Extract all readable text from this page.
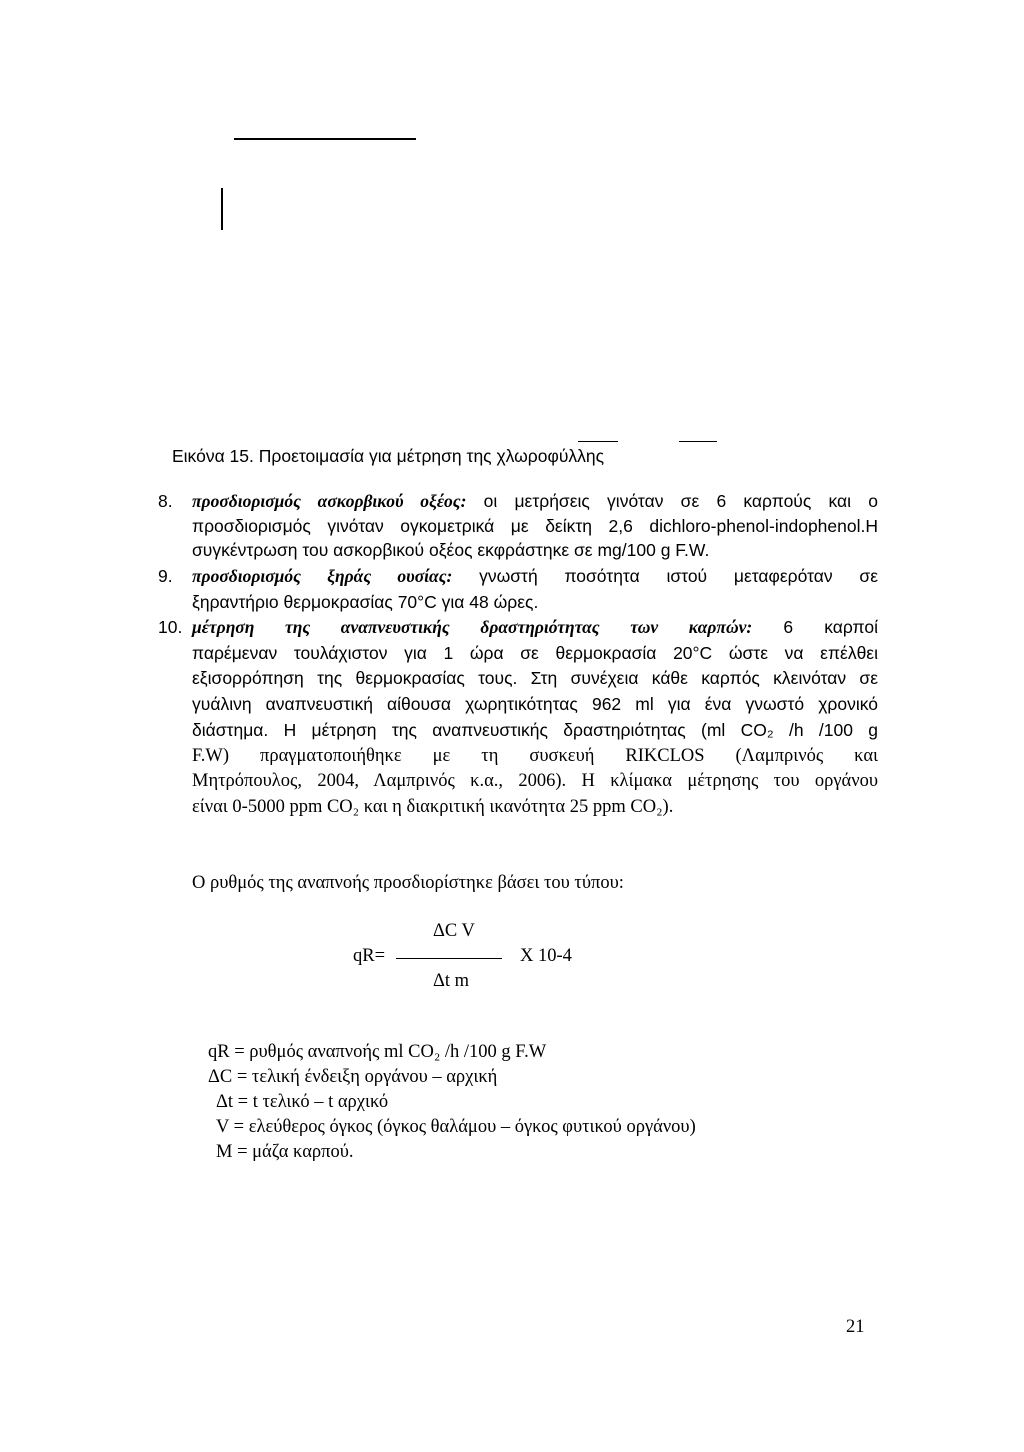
Εικόνα 15. Προετοιμασία για μέτρηση της χλωροφύλλης
8. προσδιορισμός ασκορβικού οξέος: οι μετρήσεις γινόταν σε 6 καρπούς και ο
προσδιορισμός γινόταν ογκομετρικά με δείκτη 2,6 dichloro-phenol-indophenol.Η
συγκέντρωση του ασκορβικού οξέος εκφράστηκε σε mg/100 g F.W.
9. προσδιορισμός ξηράς ουσίας: γνωστή ποσότητα ιστού μεταφερόταν σε
ξηραντήριο θερμοκρασίας 70°C για 48 ώρες.
10. μέτρηση της αναπνευστικής δραστηριότητας των καρπών: 6 καρποί
παρέμεναν τουλάχιστον για 1 ώρα σε θερμοκρασία 20°C ώστε να επέλθει
εξισορρόπηση της θερμοκρασίας τους. Στη συνέχεια κάθε καρπός κλεινόταν σε
γυάλινη αναπνευστική αίθουσα χωρητικότητας 962 ml για ένα γνωστό χρονικό
διάστημα. Η μέτρηση της αναπνευστικής δραστηριότητας (ml CO₂ /h /100 g
F.W) πραγματοποιήθηκε με τη συσκευή RIKCLOS (Λαμπρινός και
Μητρόπουλος, 2004, Λαμπρινός κ.α., 2006). Η κλίμακα μέτρησης του οργάνου
είναι 0-5000 ppm CO₂ και η διακριτική ικανότητα 25 ppm CO₂).
Ο ρυθμός της αναπνοής προσδιορίστηκε βάσει του τύπου:
ΔC V
qR=	X 10-4
Δt m
qR = ρυθμός αναπνοής ml CO₂ /h /100 g F.W
ΔC = τελική ένδειξη οργάνου – αρχική
Δt = t τελικό – t αρχικό
V = ελεύθερος όγκος (όγκος θαλάμου – όγκος φυτικού οργάνου)
M = μάζα καρπού.
21
